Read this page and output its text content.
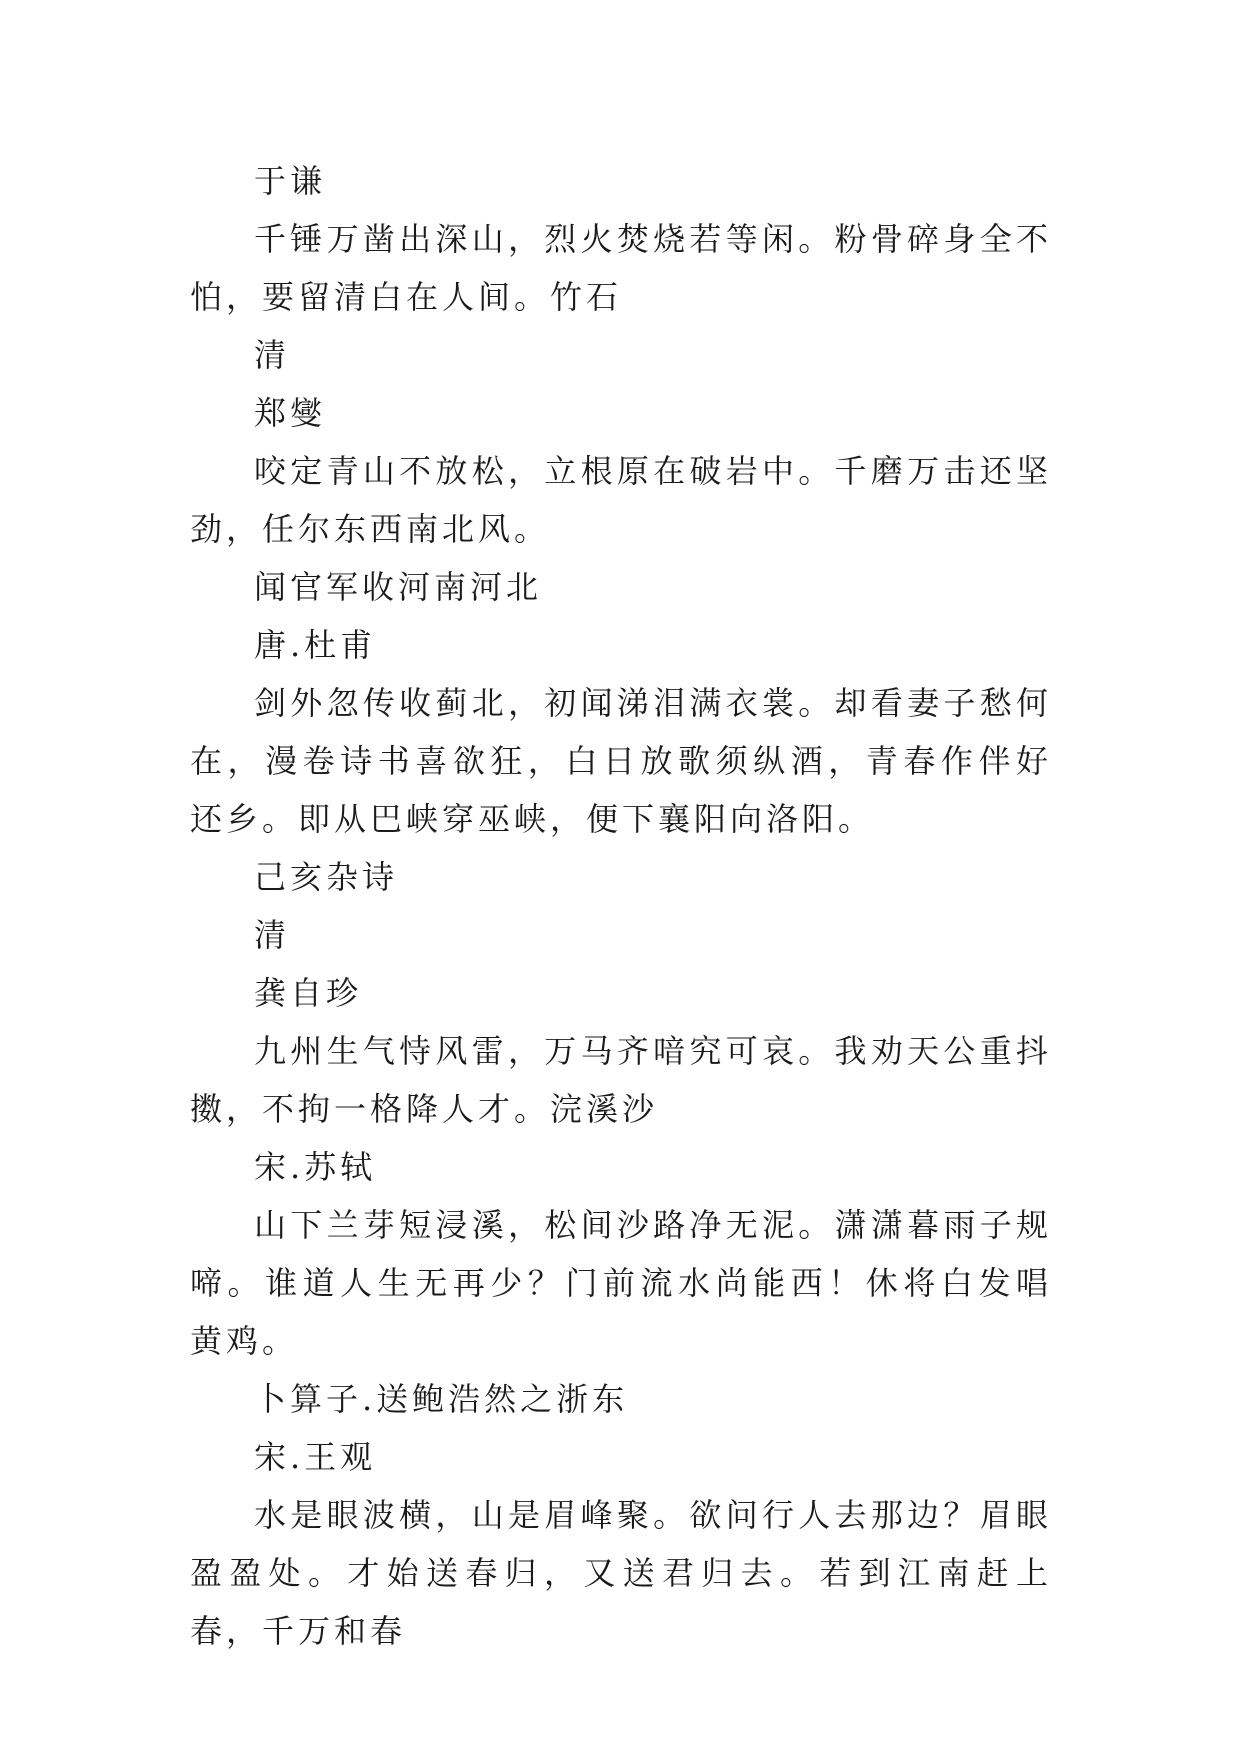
于谦

千锤万凿出深山，烈火焚烧若等闲。粉骨碎身全不怕，要留清白在人间。竹石

清

郑燮

咬定青山不放松，立根原在破岩中。千磨万击还坚劲，任尔东西南北风。

闻官军收河南河北

唐.杜甫

剑外忽传收蓟北，初闻涕泪满衣裳。却看妻子愁何在，漫卷诗书喜欲狂，白日放歌须纵酒，青春作伴好还乡。即从巴峡穿巫峡，便下襄阳向洛阳。

己亥杂诗

清

龚自珍

九州生气恃风雷，万马齐喑究可哀。我劝天公重抖擞，不拘一格降人才。浣溪沙

宋.苏轼

山下兰芽短浸溪，松间沙路净无泥。潇潇暮雨子规啼。谁道人生无再少？门前流水尚能西！休将白发唱黄鸡。

卜算子.送鲍浩然之浙东

宋.王观

水是眼波横，山是眉峰聚。欲问行人去那边？眉眼盈盈处。才始送春归，又送君归去。若到江南赶上春，千万和春
